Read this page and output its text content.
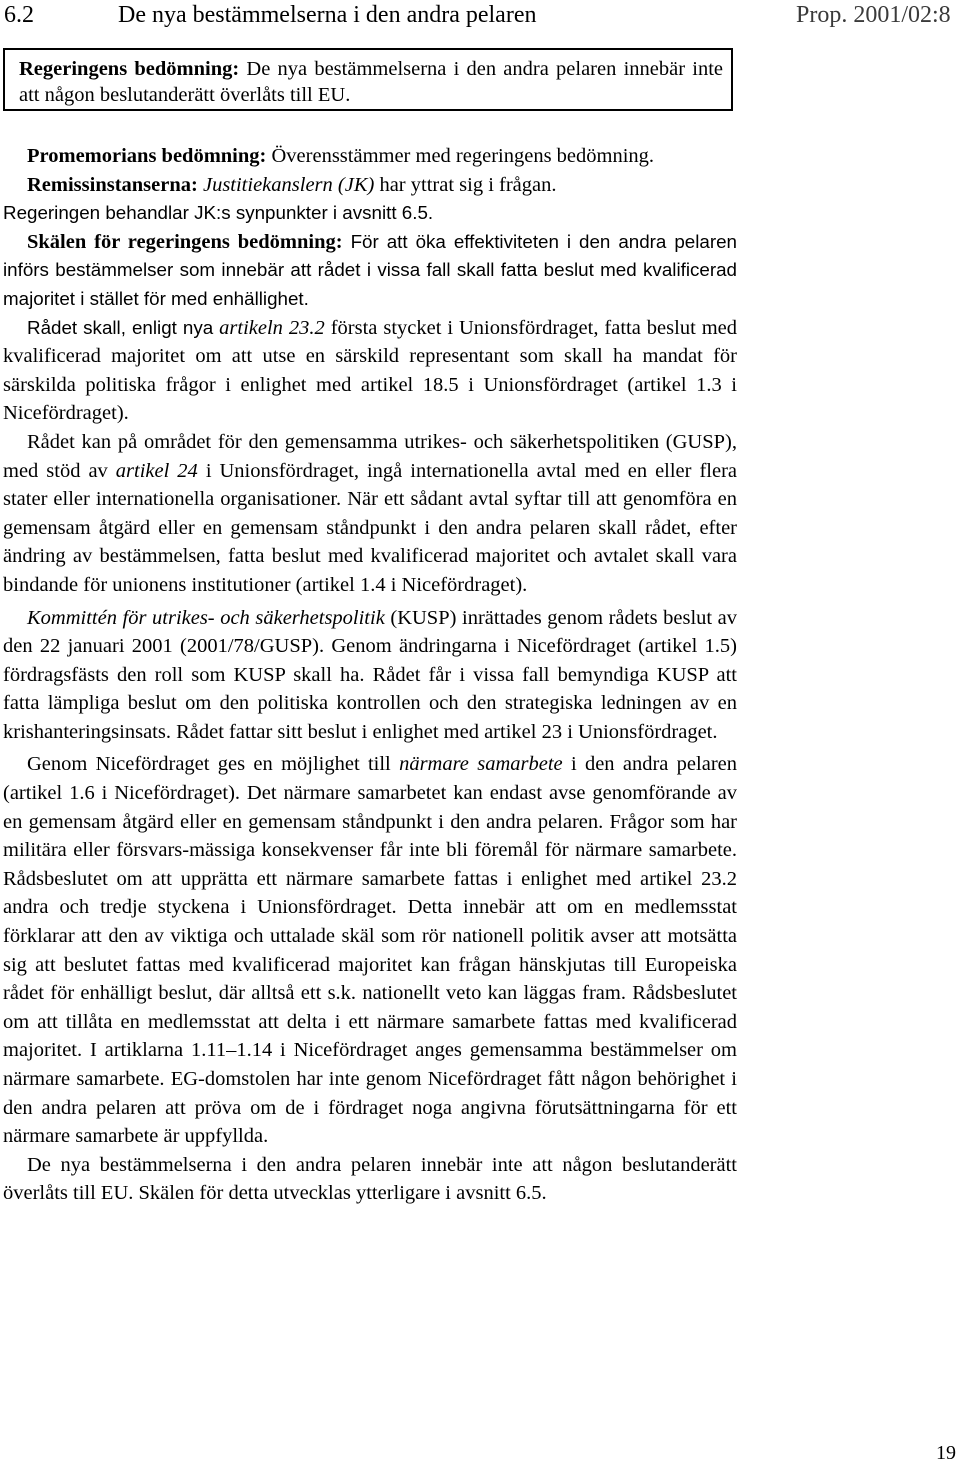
6.2	De nya bestämmelserna i den andra pelaren	Prop. 2001/02:8
Regeringens bedömning: De nya bestämmelserna i den andra pelaren innebär inte att någon beslutanderätt överlåts till EU.

Promemorians bedömning: Överensstämmer med regeringens bedömning.

Remissinstanserna: Justitiekanslern (JK) har yttrat sig i frågan.

Regeringen behandlar JK:s synpunkter i avsnitt 6.5.

Skälen för regeringens bedömning: För att öka effektiviteten i den andra pelaren införs bestämmelser som innebär att rådet i vissa fall skall fatta beslut med kvalificerad majoritet i stället för med enhällighet.

Rådet skall, enligt nya artikeln 23.2 första stycket i Unionsfördraget, fatta beslut med kvalificerad majoritet om att utse en särskild representant som skall ha mandat för särskilda politiska frågor i enlighet med artikel 18.5 i Unionsfördraget (artikel 1.3 i Nicefördraget).

Rådet kan på området för den gemensamma utrikes- och säkerhetspolitiken (GUSP), med stöd av artikel 24 i Unionsfördraget, ingå internationella avtal med en eller flera stater eller internationella organisationer. När ett sådant avtal syftar till att genomföra en gemensam åtgärd eller en gemensam ståndpunkt i den andra pelaren skall rådet, efter ändring av bestämmelsen, fatta beslut med kvalificerad majoritet och avtalet skall vara bindande för unionens institutioner (artikel 1.4 i Nicefördraget).

Kommittén för utrikes- och säkerhetspolitik (KUSP) inrättades genom rådets beslut av den 22 januari 2001 (2001/78/GUSP). Genom ändringarna i Nicefördraget (artikel 1.5) fördragsfästs den roll som KUSP skall ha. Rådet får i vissa fall bemyndiga KUSP att fatta lämpliga beslut om den politiska kontrollen och den strategiska ledningen av en krishanteringsinsats. Rådet fattar sitt beslut i enlighet med artikel 23 i Unionsfördraget.

Genom Nicefördraget ges en möjlighet till närmare samarbete i den andra pelaren (artikel 1.6 i Nicefördraget). Det närmare samarbetet kan endast avse genomförande av en gemensam åtgärd eller en gemensam ståndpunkt i den andra pelaren. Frågor som har militära eller försvars-mässiga konsekvenser får inte bli föremål för närmare samarbete. Rådsbeslutet om att upprätta ett närmare samarbete fattas i enlighet med artikel 23.2 andra och tredje styckena i Unionsfördraget. Detta innebär att om en medlemsstat förklarar att den av viktiga och uttalade skäl som rör nationell politik avser att motsätta sig att beslutet fattas med kvalificerad majoritet kan frågan hänskjutas till Europeiska rådet för enhälligt beslut, där alltså ett s.k. nationellt veto kan läggas fram. Rådsbeslutet om att tillåta en medlemsstat att delta i ett närmare samarbete fattas med kvalificerad majoritet. I artiklarna 1.11–1.14 i Nicefördraget anges gemensamma bestämmelser om närmare samarbete. EG-domstolen har inte genom Nicefördraget fått någon behörighet i den andra pelaren att pröva om de i fördraget noga angivna förutsättningarna för ett närmare samarbete är uppfyllda.

De nya bestämmelserna i den andra pelaren innebär inte att någon beslutanderätt överlåts till EU. Skälen för detta utvecklas ytterligare i avsnitt 6.5.

19
